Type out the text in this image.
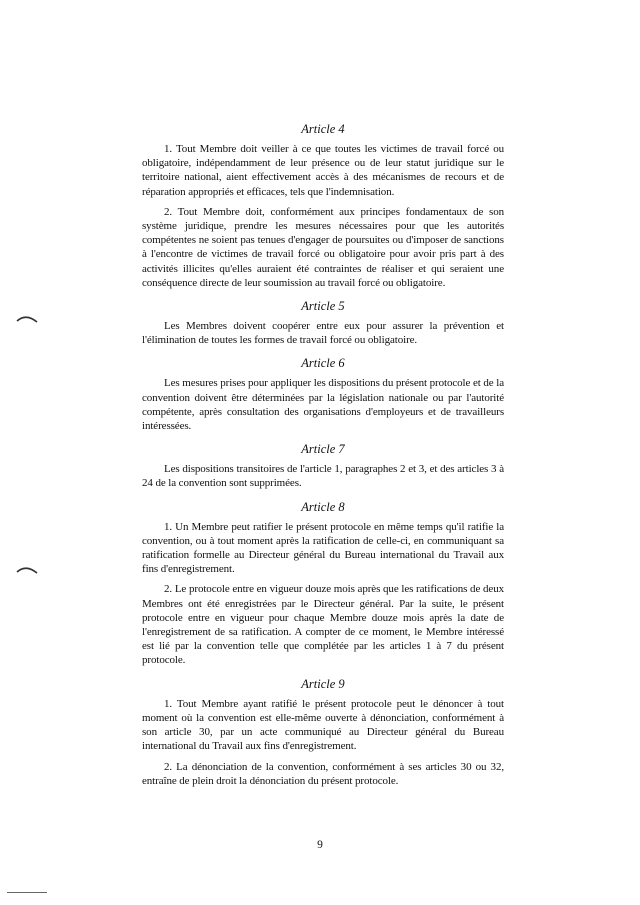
Article 4

1. Tout Membre doit veiller à ce que toutes les victimes de travail forcé ou obligatoire, indépendamment de leur présence ou de leur statut juridique sur le territoire national, aient effectivement accès à des mécanismes de recours et de réparation appropriés et efficaces, tels que l'indemnisation.

2. Tout Membre doit, conformément aux principes fondamentaux de son système juridique, prendre les mesures nécessaires pour que les autorités compétentes ne soient pas tenues d'engager de poursuites ou d'imposer de sanctions à l'encontre de victimes de travail forcé ou obligatoire pour avoir pris part à des activités illicites qu'elles auraient été contraintes de réaliser et qui seraient une conséquence directe de leur soumission au travail forcé ou obligatoire.

Article 5

Les Membres doivent coopérer entre eux pour assurer la prévention et l'élimination de toutes les formes de travail forcé ou obligatoire.

Article 6

Les mesures prises pour appliquer les dispositions du présent protocole et de la convention doivent être déterminées par la législation nationale ou par l'autorité compétente, après consultation des organisations d'employeurs et de travailleurs intéressées.

Article 7

Les dispositions transitoires de l'article 1, paragraphes 2 et 3, et des articles 3 à 24 de la convention sont supprimées.

Article 8

1. Un Membre peut ratifier le présent protocole en même temps qu'il ratifie la convention, ou à tout moment après la ratification de celle-ci, en communiquant sa ratification formelle au Directeur général du Bureau international du Travail aux fins d'enregistrement.

2. Le protocole entre en vigueur douze mois après que les ratifications de deux Membres ont été enregistrées par le Directeur général. Par la suite, le présent protocole entre en vigueur pour chaque Membre douze mois après la date de l'enregistrement de sa ratification. A compter de ce moment, le Membre intéressé est lié par la convention telle que complétée par les articles 1 à 7 du présent protocole.

Article 9

1. Tout Membre ayant ratifié le présent protocole peut le dénoncer à tout moment où la convention est elle-même ouverte à dénonciation, conformément à son article 30, par un acte communiqué au Directeur général du Bureau international du Travail aux fins d'enregistrement.

2. La dénonciation de la convention, conformément à ses articles 30 ou 32, entraîne de plein droit la dénonciation du présent protocole.

9
